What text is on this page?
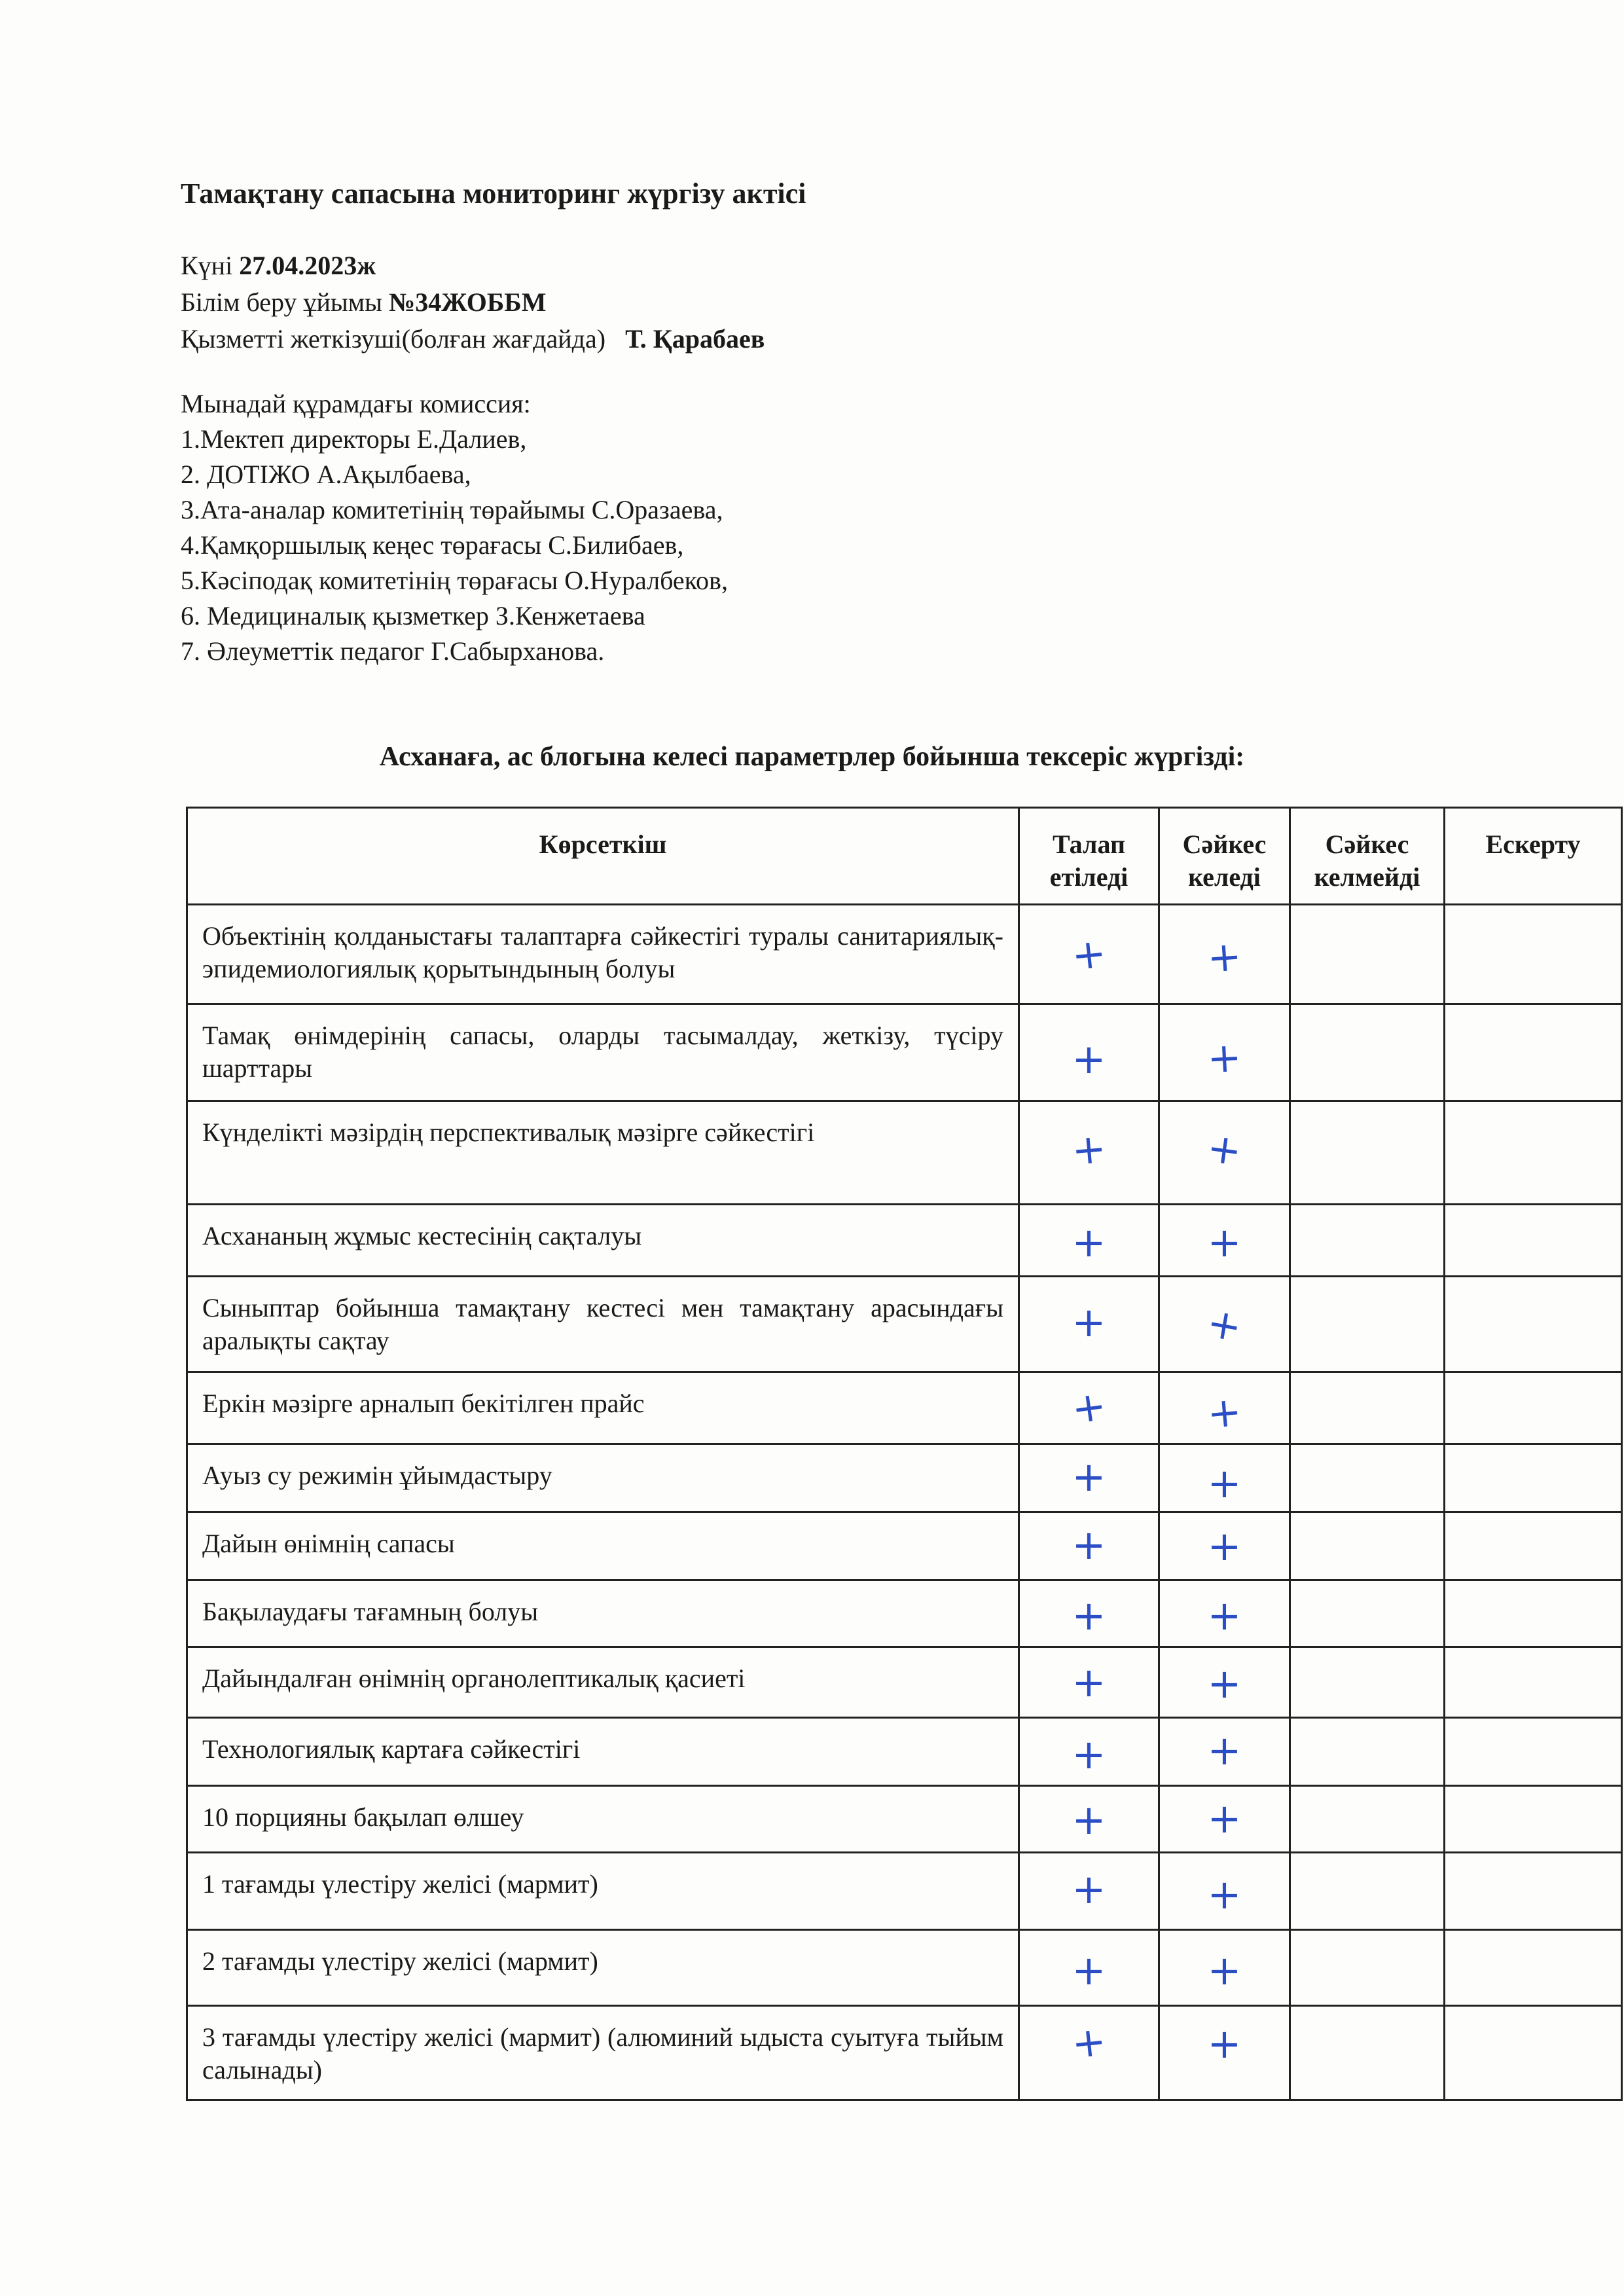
Тамақтану сапасына мониторинг жүргізу актісі
Күні 27.04.2023ж
Білім беру ұйымы №34ЖОББМ
Қызметті жеткізуші(болған жағдайда)   Т. Қарабаев
Мынадай құрамдағы комиссия:
1.Мектеп директоры Е.Далиев,
2. ДОТІЖО А.Ақылбаева,
3.Ата-аналар комитетінің төрайымы С.Оразаева,
4.Қамқоршылық кеңес төрағасы С.Билибаев,
5.Кәсіподақ комитетінің төрағасы О.Нуралбеков,
6. Медициналық қызметкер З.Кенжетаева
7. Әлеуметтік педагог Г.Сабырханова.
Асханаға, ас блогына келесі параметрлер бойынша тексеріс жүргізді:
Көрсеткіш	Талап етіледі	Сәйкес келеді	Сәйкес келмейді	Ескерту
Объектінің қолданыстағы талаптарға сәйкестігі туралы санитариялық-эпидемиологиялық қорытындының болуы	+	+		

Тамақ өнімдерінің сапасы, оларды тасымалдау, жеткізу, түсіру шарттары	+	+		

Күнделікті мәзірдің перспективалық мәзірге сәйкестігі	+	+		

Асхананың жұмыс кестесінің сақталуы	+	+		

Сыныптар бойынша тамақтану кестесі мен тамақтану арасындағы аралықты сақтау	+	+		

Еркін мәзірге арналып бекітілген прайс	+	+		

Ауыз су режимін ұйымдастыру	+	+		

Дайын өнімнің сапасы	+	+		

Бақылаудағы тағамның болуы	+	+		

Дайындалған өнімнің органолептикалық қасиеті	+	+		

Технологиялық картаға сәйкестігі	+	+		

10 порцияны бақылап өлшеу	+	+		

1 тағамды үлестіру желісі (мармит)	+	+		

2 тағамды үлестіру желісі (мармит)	+	+		

3 тағамды үлестіру желісі (мармит) (алюминий ыдыста суытуға тыйым салынады)	+	+		
